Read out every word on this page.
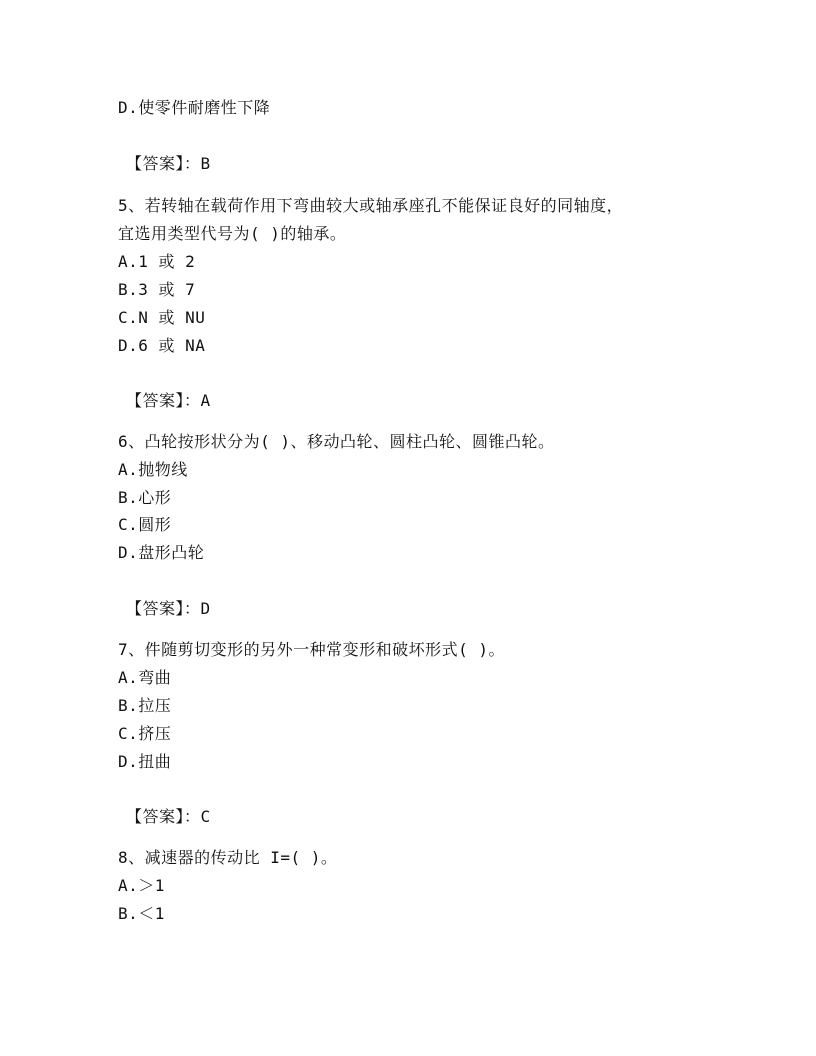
D.使零件耐磨性下降
【答案】：B
5、若转轴在载荷作用下弯曲较大或轴承座孔不能保证良好的同轴度，
宜选用类型代号为( )的轴承。
A.1 或 2
B.3 或 7
C.N 或 NU
D.6 或 NA
【答案】：A
6、凸轮按形状分为( )、移动凸轮、圆柱凸轮、圆锥凸轮。
A.抛物线
B.心形
C.圆形
D.盘形凸轮
【答案】：D
7、件随剪切变形的另外一种常变形和破坏形式( )。
A.弯曲
B.拉压
C.挤压
D.扭曲
【答案】：C
8、减速器的传动比 I=( )。
A.＞1
B.＜1
